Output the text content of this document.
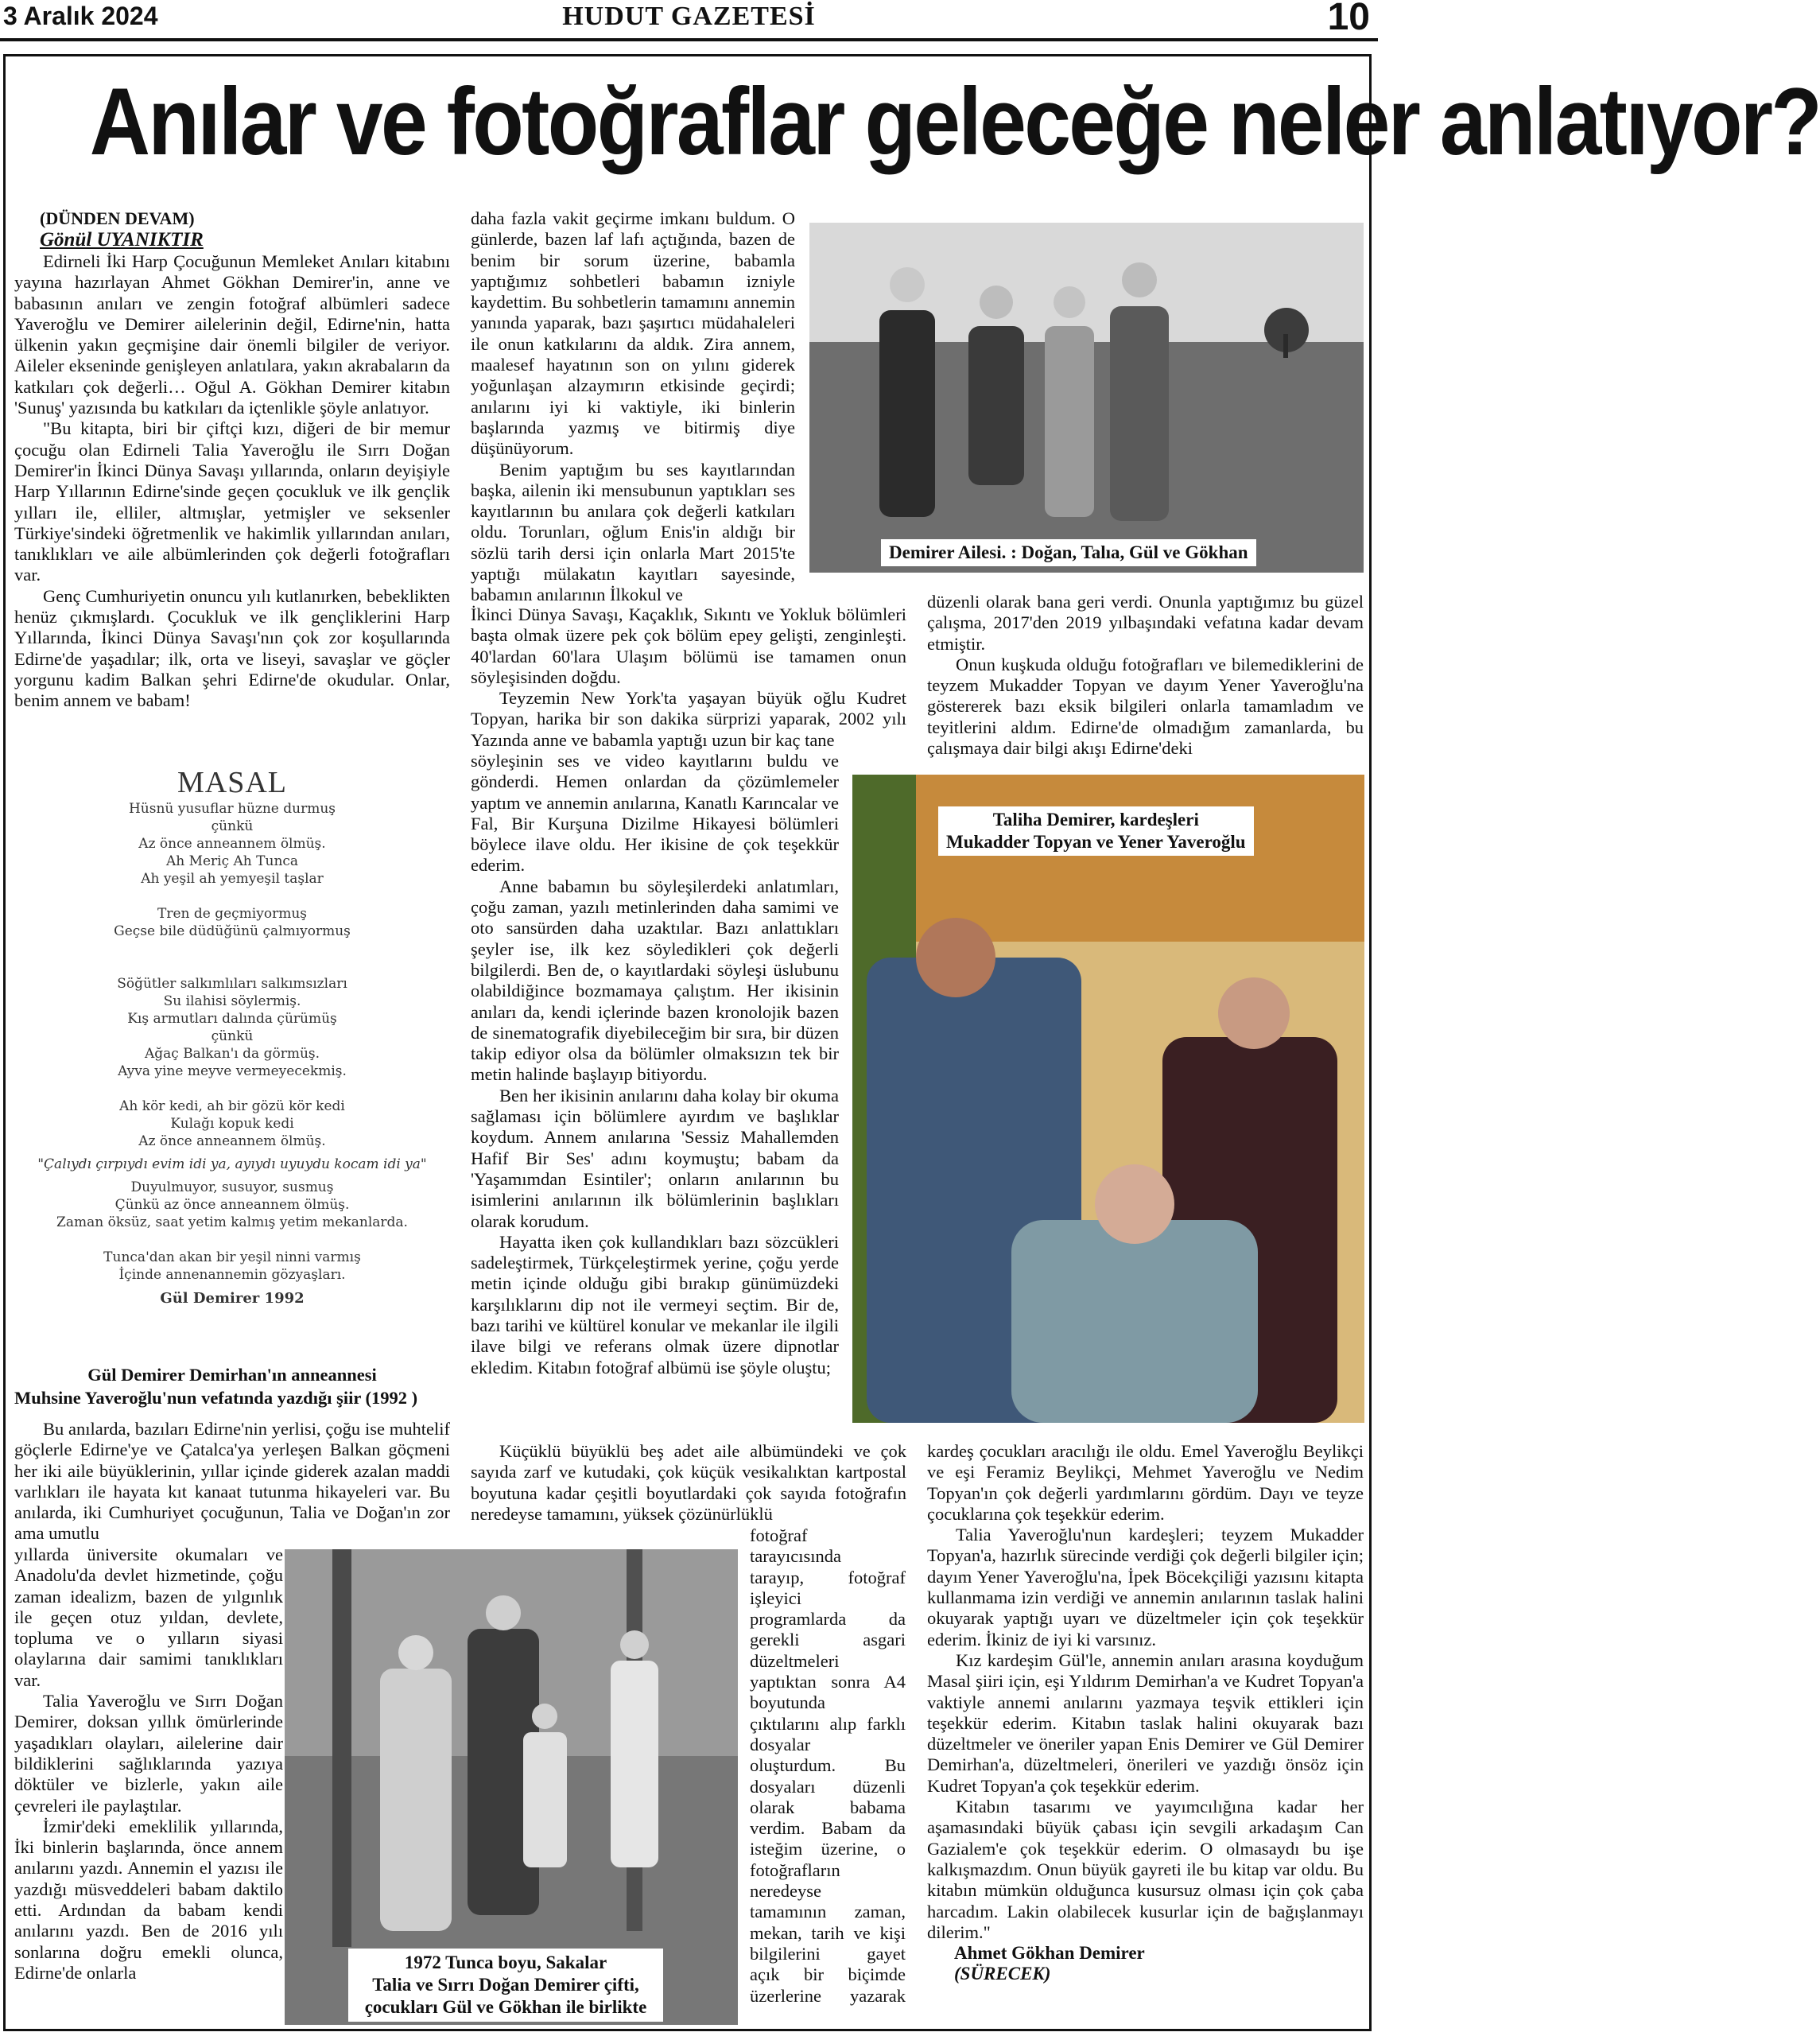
3 Aralık 2024	HUDUT GAZETESİ	10
Anılar ve fotoğraflar geleceğe neler anlatıyor?
(DÜNDEN DEVAM)
Gönül UYANIKTIR

Edirneli İki Harp Çocuğunun Memleket Anıları kitabını yayına hazırlayan Ahmet Gökhan Demirer'in, anne ve babasının anıları ve zengin fotoğraf albümleri sadece Yaveroğlu ve Demirer ailelerinin değil, Edirne'nin, hatta ülkenin yakın geçmişine dair önemli bilgiler de veriyor. Aileler ekseninde genişleyen anlatılara, yakın akrabaların da katkıları çok değerli… Oğul A. Gökhan Demirer kitabın 'Sunuş' yazısında bu katkıları da içtenlikle şöyle anlatıyor.

"Bu kitapta, biri bir çiftçi kızı, diğeri de bir memur çocuğu olan Edirneli Talia Yaveroğlu ile Sırrı Doğan Demirer'in İkinci Dünya Savaşı yıllarında, onların deyişiyle Harp Yıllarının Edirne'sinde geçen çocukluk ve ilk gençlik yılları ile, elliler, altmışlar, yetmişler ve seksenler Türkiye'sindeki öğretmenlik ve hakimlik yıllarından anıları, tanıklıkları ve aile albümlerinden çok değerli fotoğrafları var.

Genç Cumhuriyetin onuncu yılı kutlanırken, bebeklikten henüz çıkmışlardı. Çocukluk ve ilk gençliklerini Harp Yıllarında, İkinci Dünya Savaşı'nın çok zor koşullarında Edirne'de yaşadılar; ilk, orta ve liseyi, savaşlar ve göçler yorgunu kadim Balkan şehri Edirne'de okudular. Onlar, benim annem ve babam!

MASAL
Hüsnü yusuflar hüzne durmuş
çünkü
Az önce anneannem ölmüş.
Ah Meriç Ah Tunca
Ah yeşil ah yemyeşil taşlar
Tren de geçmiyormuş
Geçse bile düdüğünü çalmıyormuş
Söğütler salkımlıları salkımsızları
Su ilahisi söylermiş.
Kış armutları dalında çürümüş
çünkü
Ağaç Balkan'ı da görmüş.
Ayva yine meyve vermeyecekmiş.
Ah kör kedi, ah bir gözü kör kedi
Kulağı kopuk kedi
Az önce anneannem ölmüş.
"Çalıydı çırpıydı evim idi ya, ayıydı uyuydu kocam idi ya"
Duyulmuyor, susuyor, susmuş
Çünkü az önce anneannem ölmüş.
Zaman öksüz, saat yetim kalmış yetim mekanlarda.
Tunca'dan akan bir yeşil ninni varmış
İçinde annenannemin gözyaşları.
Gül Demirer 1992
Gül Demirer Demirhan'ın anneannesi
Muhsine Yaveroğlu'nun vefatında yazdığı şiir (1992 )

Bu anılarda, bazıları Edirne'nin yerlisi, çoğu ise muhtelif göçlerle Edirne'ye ve Çatalca'ya yerleşen Balkan göçmeni her iki aile büyüklerinin, yıllar içinde giderek azalan maddi varlıkları ile hayata kıt kanaat tutunma hikayeleri var. Bu anılarda, iki Cumhuriyet çocuğunun, Talia ve Doğan'ın zor ama umutlu

yıllarda üniversite okumaları ve Anadolu'da devlet hizmetinde, çoğu zaman idealizm, bazen de yılgınlık ile geçen otuz yıldan, devlete, topluma ve o yılların siyasi olaylarına dair samimi tanıklıkları var.

Talia Yaveroğlu ve Sırrı Doğan Demirer, doksan yıllık ömürlerinde yaşadıkları olayları, ailelerine dair bildiklerini sağlıklarında yazıya döktüler ve bizlerle, yakın aile çevreleri ile paylaştılar.

İzmir'deki emeklilik yıllarında, İki binlerin başlarında, önce annem anılarını yazdı. Annemin el yazısı ile yazdığı müsveddeleri babam daktilo etti. Ardından da babam kendi anılarını yazdı. Ben de 2016 yılı sonlarına doğru emekli olunca, Edirne'de onlarla

daha fazla vakit geçirme imkanı buldum. O günlerde, bazen laf lafı açtığında, bazen de benim bir sorum üzerine, babamla yaptığımız sohbetleri babamın izniyle kaydettim. Bu sohbetlerin tamamını annemin yanında yaparak, bazı şaşırtıcı müdahaleleri ile onun katkılarını da aldık. Zira annem, maalesef hayatının son on yılını giderek yoğunlaşan alzaymırın etkisinde geçirdi; anılarını iyi ki vaktiyle, iki binlerin başlarında yazmış ve bitirmiş diye düşünüyorum.

Benim yaptığım bu ses kayıtlarından başka, ailenin iki mensubunun yaptıkları ses kayıtlarının bu anılara çok değerli katkıları oldu. Torunları, oğlum Enis'in aldığı bir sözlü tarih dersi için onlarla Mart 2015'te yaptığı mülakatın kayıtları sayesinde, babamın anılarının İlkokul ve

İkinci Dünya Savaşı, Kaçaklık, Sıkıntı ve Yokluk bölümleri başta olmak üzere pek çok bölüm epey gelişti, zenginleşti. 40'lardan 60'lara Ulaşım bölümü ise tamamen onun söyleşisinden doğdu.

Teyzemin New York'ta yaşayan büyük oğlu Kudret Topyan, harika bir son dakika sürprizi yaparak, 2002 yılı Yazında anne ve babamla yaptığı uzun bir kaç tane

söyleşinin ses ve video kayıtlarını buldu ve gönderdi. Hemen onlardan da çözümlemeler yaptım ve annemin anılarına, Kanatlı Karıncalar ve Fal, Bir Kurşuna Dizilme Hikayesi bölümleri böylece ilave oldu. Her ikisine de çok teşekkür ederim.

Anne babamın bu söyleşilerdeki anlatımları, çoğu zaman, yazılı metinlerinden daha samimi ve oto sansürden daha uzaktılar. Bazı anlattıkları şeyler ise, ilk kez söyledikleri çok değerli bilgilerdi. Ben de, o kayıtlardaki söyleşi üslubunu olabildiğince bozmamaya çalıştım. Her ikisinin anıları da, kendi içlerinde bazen kronolojik bazen de sinematografik diyebileceğim bir sıra, bir düzen takip ediyor olsa da bölümler olmaksızın tek bir metin halinde başlayıp bitiyordu.

Ben her ikisinin anılarını daha kolay bir okuma sağlaması için bölümlere ayırdım ve başlıklar koydum. Annem anılarına 'Sessiz Mahallemden Hafif Bir Ses' adını koymuştu; babam da 'Yaşamımdan Esintiler'; onların anılarının bu isimlerini anılarının ilk bölümlerinin başlıkları olarak korudum.

Hayatta iken çok kullandıkları bazı sözcükleri sadeleştirmek, Türkçeleştirmek yerine, çoğu yerde metin içinde olduğu gibi bırakıp günümüzdeki karşılıklarını dip not ile vermeyi seçtim. Bir de, bazı tarihi ve kültürel konular ve mekanlar ile ilgili ilave bilgi ve referans olmak üzere dipnotlar ekledim. Kitabın fotoğraf albümü ise şöyle oluştu;

Küçüklü büyüklü beş adet aile albümündeki ve çok sayıda zarf ve kutudaki, çok küçük vesikalıktan kartpostal boyutuna kadar çeşitli boyutlardaki çok sayıda fotoğrafın neredeyse tamamını, yüksek çözünürlüklü

fotoğraf
tarayıcısında
tarayıp, fotoğraf
işleyici
programlarda da
gerekli asgari
düzeltmeleri
yaptıktan sonra A4
boyutunda
çıktılarını alıp farklı
dosyalar
oluşturdum. Bu
dosyaları düzenli
olarak babama
verdim. Babam da
isteğim üzerine, o
fotoğrafların
neredeyse
tamamının zaman,
mekan, tarih ve kişi
bilgilerini gayet
açık bir biçimde
üzerlerine yazarak

düzenli olarak bana geri verdi. Onunla yaptığımız bu güzel çalışma, 2017'den 2019 yılbaşındaki vefatına kadar devam etmiştir.

Onun kuşkuda olduğu fotoğrafları ve bilemediklerini de teyzem Mukadder Topyan ve dayım Yener Yaveroğlu'na göstererek bazı eksik bilgileri onlarla tamamladım ve teyitlerini aldım. Edirne'de olmadığım zamanlarda, bu çalışmaya dair bilgi akışı Edirne'deki

kardeş çocukları aracılığı ile oldu. Emel Yaveroğlu Beylikçi ve eşi Feramiz Beylikçi, Mehmet Yaveroğlu ve Nedim Topyan'ın çok değerli yardımlarını gördüm. Dayı ve teyze çocuklarına çok teşekkür ederim.

Talia Yaveroğlu'nun kardeşleri; teyzem Mukadder Topyan'a, hazırlık sürecinde verdiği çok değerli bilgiler için; dayım Yener Yaveroğlu'na, İpek Böcekçiliği yazısını kitapta kullanmama izin verdiği ve annemin anılarının taslak halini okuyarak yaptığı uyarı ve düzeltmeler için çok teşekkür ederim. İkiniz de iyi ki varsınız.

Kız kardeşim Gül'le, annemin anıları arasına koyduğum Masal şiiri için, eşi Yıldırım Demirhan'a ve Kudret Topyan'a vaktiyle annemi anılarını yazmaya teşvik ettikleri için teşekkür ederim. Kitabın taslak halini okuyarak bazı düzeltmeler ve öneriler yapan Enis Demirer ve Gül Demirer Demirhan'a, düzeltmeleri, önerileri ve yazdığı önsöz için Kudret Topyan'a çok teşekkür ederim.

Kitabın tasarımı ve yayımcılığına kadar her aşamasındaki büyük çabası için sevgili arkadaşım Can Gazialem'e çok teşekkür ederim. O olmasaydı bu işe kalkışmazdım. Onun büyük gayreti ile bu kitap var oldu. Bu kitabın mümkün olduğunca kusursuz olması için çok çaba harcadım. Lakin olabilecek kusurlar için de bağışlanmayı dilerim."

Ahmet Gökhan Demirer
(SÜRECEK)
Demirer Ailesi. : Doğan, Talıa, Gül ve Gökhan
Taliha Demirer, kardeşleri
Mukadder Topyan ve Yener Yaveroğlu
1972 Tunca boyu, Sakalar
Talia ve Sırrı Doğan Demirer çifti,
çocukları Gül ve Gökhan ile birlikte
